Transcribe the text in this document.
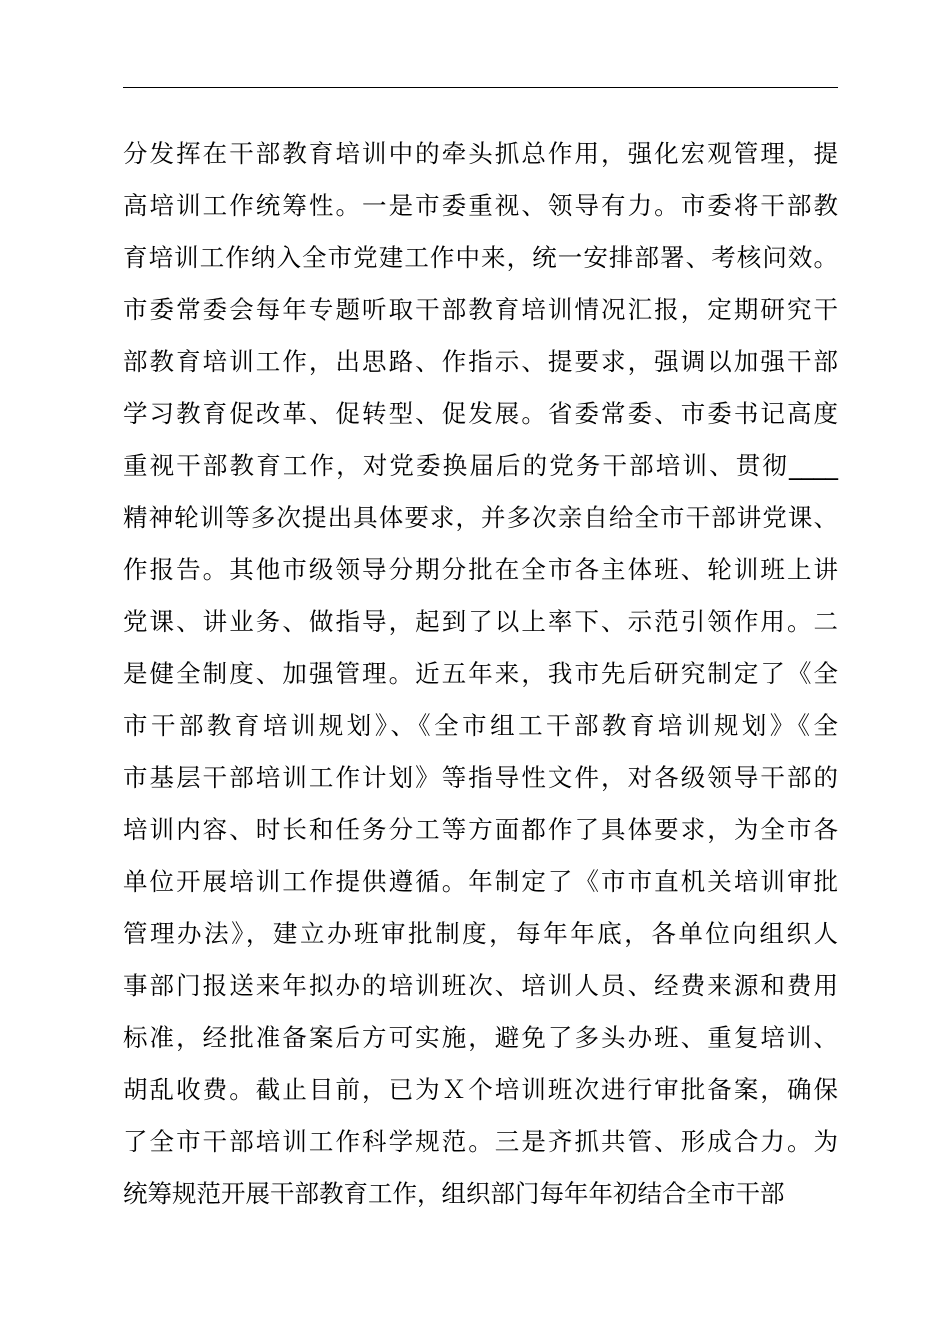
分发挥在干部教育培训中的牵头抓总作用，强化宏观管理，提
高培训工作统筹性。一是市委重视、领导有力。市委将干部教
育培训工作纳入全市党建工作中来，统一安排部署、考核问效。
市委常委会每年专题听取干部教育培训情况汇报，定期研究干
部教育培训工作，出思路、作指示、提要求，强调以加强干部
学习教育促改革、促转型、促发展。省委常委、市委书记高度
重视干部教育工作，对党委换届后的党务干部培训、贯彻____
精神轮训等多次提出具体要求，并多次亲自给全市干部讲党课、
作报告。其他市级领导分期分批在全市各主体班、轮训班上讲
党课、讲业务、做指导，起到了以上率下、示范引领作用。二
是健全制度、加强管理。近五年来，我市先后研究制定了《全
市干部教育培训规划》、《全市组工干部教育培训规划》《全
市基层干部培训工作计划》等指导性文件，对各级领导干部的
培训内容、时长和任务分工等方面都作了具体要求，为全市各
单位开展培训工作提供遵循。年制定了《市市直机关培训审批
管理办法》，建立办班审批制度，每年年底，各单位向组织人
事部门报送来年拟办的培训班次、培训人员、经费来源和费用
标准，经批准备案后方可实施，避免了多头办班、重复培训、
胡乱收费。截止目前，已为Ｘ个培训班次进行审批备案，确保
了全市干部培训工作科学规范。三是齐抓共管、形成合力。为
统筹规范开展干部教育工作，组织部门每年年初结合全市干部
